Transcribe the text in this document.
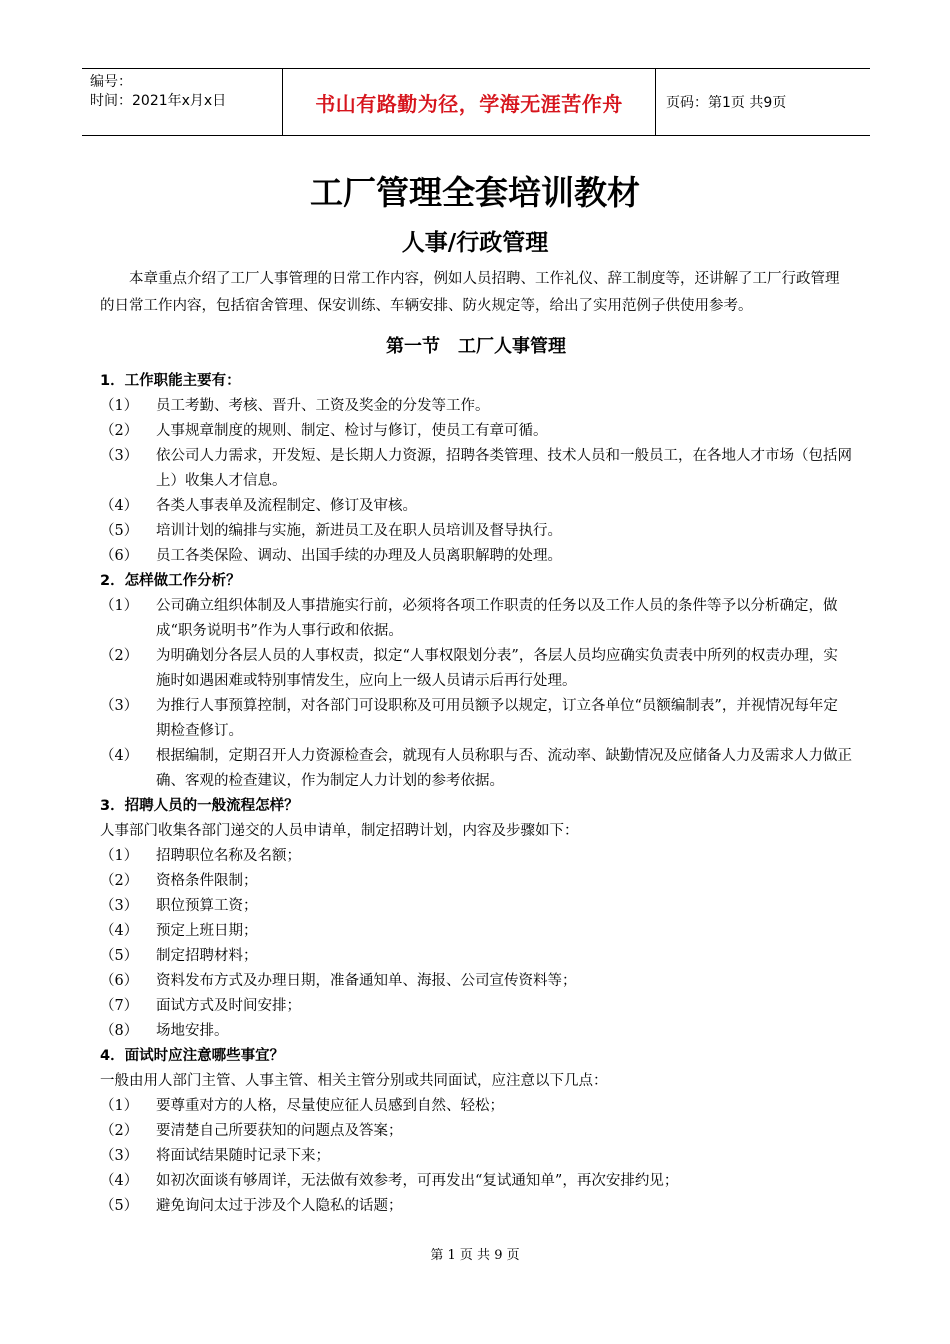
编号：
时间：2021年x月x日	书山有路勤为径，学海无涯苦作舟	页码：第1页 共9页
工厂管理全套培训教材
人事/行政管理

本章重点介绍了工厂人事管理的日常工作内容，例如人员招聘、工作礼仪、辞工制度等，还讲解了工厂行政管理的日常工作内容，包括宿舍管理、保安训练、车辆安排、防火规定等，给出了实用范例子供使用参考。

第一节　工厂人事管理
1．工作职能主要有：
（1） 员工考勤、考核、晋升、工资及奖金的分发等工作。
（2） 人事规章制度的规则、制定、检讨与修订，使员工有章可循。
（3） 依公司人力需求，开发短、是长期人力资源，招聘各类管理、技术人员和一般员工，在各地人才市场（包括网上）收集人才信息。
（4） 各类人事表单及流程制定、修订及审核。
（5） 培训计划的编排与实施，新进员工及在职人员培训及督导执行。
（6） 员工各类保险、调动、出国手续的办理及人员离职解聘的处理。
2．怎样做工作分析？
（1） 公司确立组织体制及人事措施实行前，必须将各项工作职责的任务以及工作人员的条件等予以分析确定，做成“职务说明书”作为人事行政和依据。
（2） 为明确划分各层人员的人事权责，拟定“人事权限划分表”，各层人员均应确实负责表中所列的权责办理，实施时如遇困难或特别事情发生，应向上一级人员请示后再行处理。
（3） 为推行人事预算控制，对各部门可设职称及可用员额予以规定，订立各单位“员额编制表”，并视情况每年定期检查修订。
（4） 根据编制，定期召开人力资源检查会，就现有人员称职与否、流动率、缺勤情况及应储备人力及需求人力做正确、客观的检查建议，作为制定人力计划的参考依据。
3．招聘人员的一般流程怎样？
人事部门收集各部门递交的人员申请单，制定招聘计划，内容及步骤如下：
（1） 招聘职位名称及名额；
（2） 资格条件限制；
（3） 职位预算工资；
（4） 预定上班日期；
（5） 制定招聘材料；
（6） 资料发布方式及办理日期，准备通知单、海报、公司宣传资料等；
（7） 面试方式及时间安排；
（8） 场地安排。
4．面试时应注意哪些事宜？
一般由用人部门主管、人事主管、相关主管分别或共同面试，应注意以下几点：
（1） 要尊重对方的人格，尽量使应征人员感到自然、轻松；
（2） 要清楚自己所要获知的问题点及答案；
（3） 将面试结果随时记录下来；
（4） 如初次面谈有够周详，无法做有效参考，可再发出“复试通知单”，再次安排约见；
（5） 避免询问太过于涉及个人隐私的话题；
第 1 页 共 9 页
